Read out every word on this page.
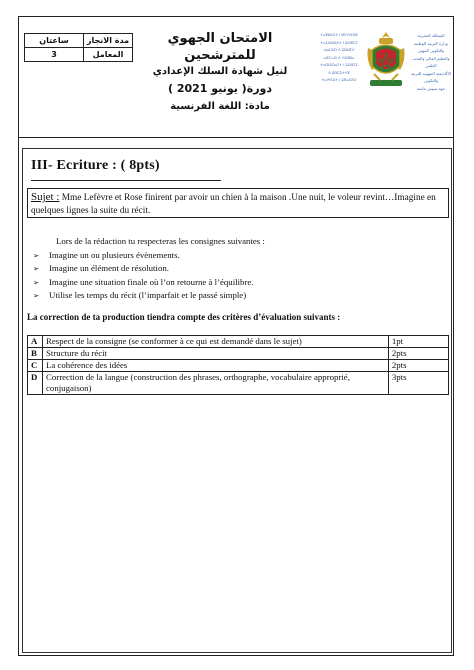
ساعتان	مدة الانجاز
3	المعامل
الامتحان الجهوي للمترشحين
لنيل شهادة السلك الإعدادي
دورة( يونيو 2021 )
مادة: اللغة الفرنسية
ⵜⴰⴳⵍⴷⵉⵜ ⵏ ⵍⵎⵖⵔⵉⴱ
ⵜⴰⵎⵙⵙⵓⴷⵜ ⵏ ⵓⵙⴳⵎⵉ
ⴰⵏⴰⵎⵓⵔ ⴷ ⵓⵙⵍⵎⴷ
ⴰⵏⵎⵎⴰⵙ ⴷ ⵜⵓⵏⵏⵓⵏⴰ
ⵜⴰⵙⵏⵓⵔⴰⵢⵜ ⵏ ⵓⵙⴳⵎⵉ
ⴷ ⵓⵙⵎⵓⵜⵜⴳ
ⵜⴰⵏⵖⵉⵡⵜ ⵏ ⵓⴳⴰⴷⵉⵔ
المملكة المغربية
وزارة التربية الوطنية
والتكوين المهني
والتعليم العالي والبحث العلمي
الأكاديمية الجهوية للتربية
والتكوين
جهة سوس ماسة
III- Ecriture : ( 8pts)
Sujet : Mme Lefèvre et Rose finirent par avoir un chien à la maison .Une nuit, le voleur revint…Imagine en quelques lignes la suite du récit.
Lors de la rédaction tu respecteras les consignes suivantes :
➢	Imagine un ou plusieurs évènements.
➢	Imagine un élément de résolution.
➢	Imagine une situation finale où l’on retourne à l’équilibre.
➢	Utilise les temps du récit (l’imparfait et le passé simple)
La correction de ta production tiendra compte des critères d’évaluation suivants :
A	Respect de la consigne (se conformer à ce qui est demandé dans le sujet)	1pt
B	Structure du récit	2pts
C	La cohérence des idées	2pts
D	Correction de la langue (construction des phrases, orthographe, vocabulaire approprié, conjugaison)	3pts
